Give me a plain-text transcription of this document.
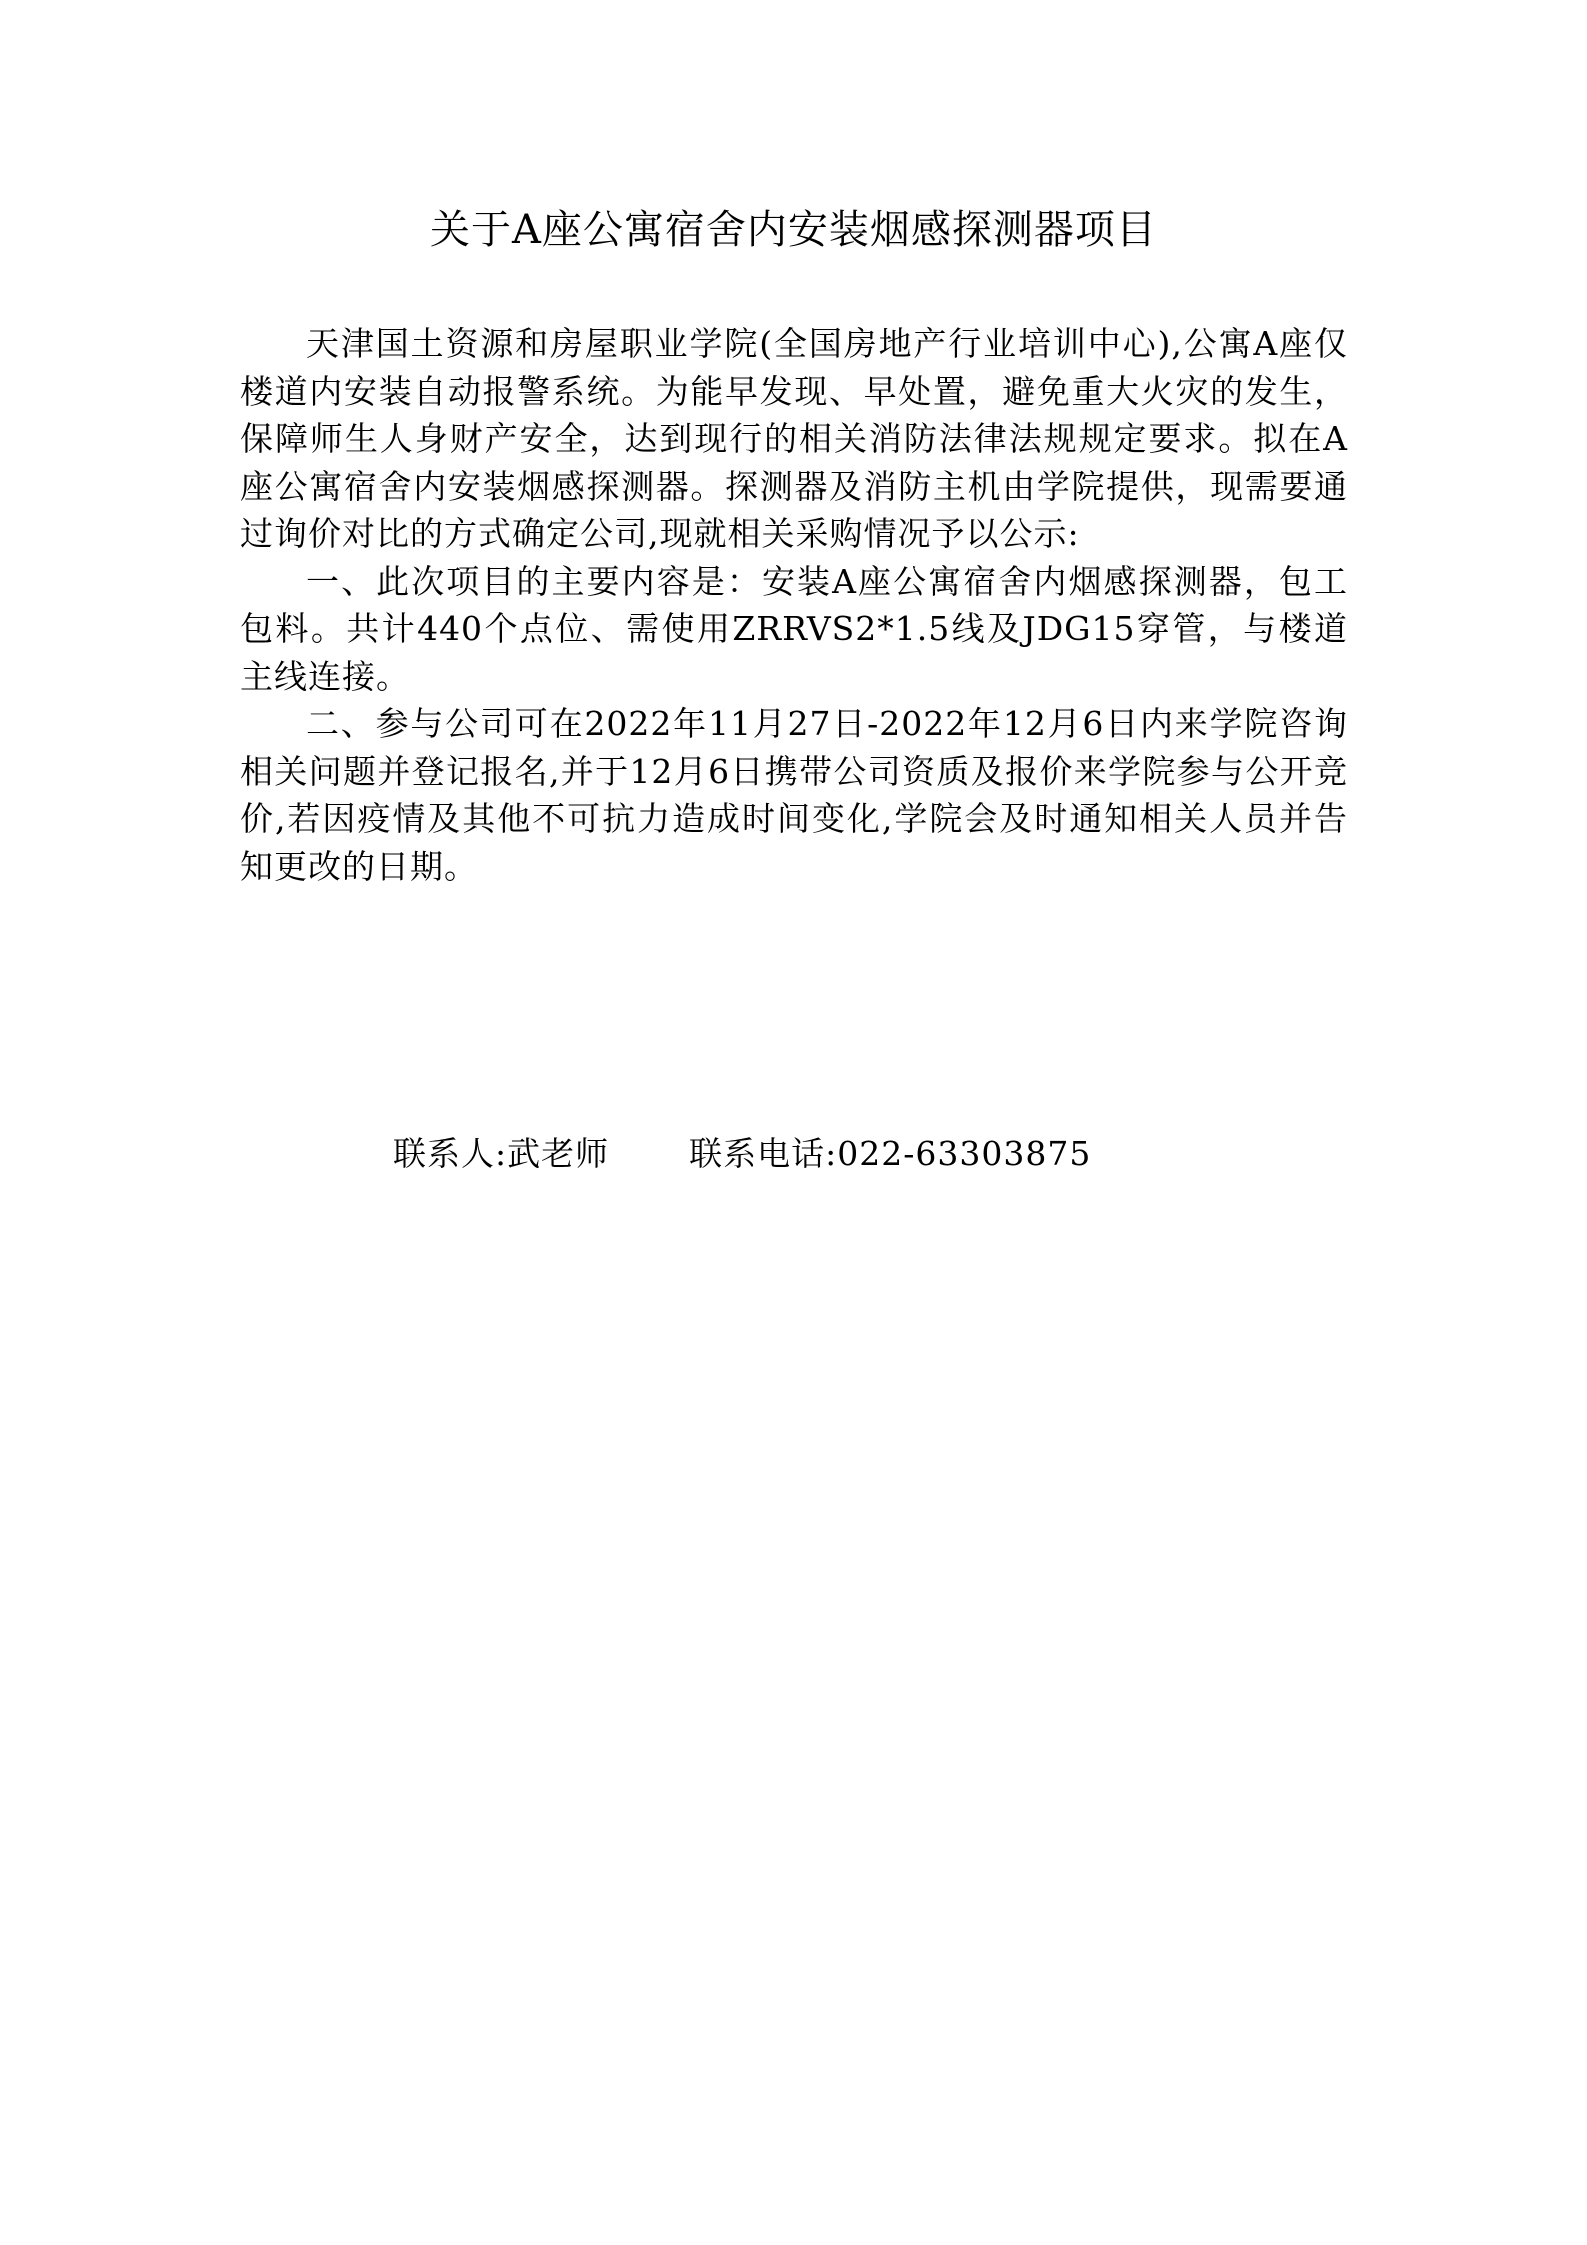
关于A座公寓宿舍内安装烟感探测器项目

天津国土资源和房屋职业学院(全国房地产行业培训中心),公寓A座仅楼道内安装自动报警系统。为能早发现、早处置，避免重大火灾的发生，保障师生人身财产安全，达到现行的相关消防法律法规规定要求。拟在A座公寓宿舍内安装烟感探测器。探测器及消防主机由学院提供，现需要通过询价对比的方式确定公司,现就相关采购情况予以公示:

一、此次项目的主要内容是：安装A座公寓宿舍内烟感探测器，包工包料。共计440个点位、需使用ZRRVS2*1.5线及JDG15穿管，与楼道主线连接。

二、参与公司可在2022年11月27日-2022年12月6日内来学院咨询相关问题并登记报名,并于12月6日携带公司资质及报价来学院参与公开竞价,若因疫情及其他不可抗力造成时间变化,学院会及时通知相关人员并告知更改的日期。

联系人:武老师 联系电话:022-63303875
